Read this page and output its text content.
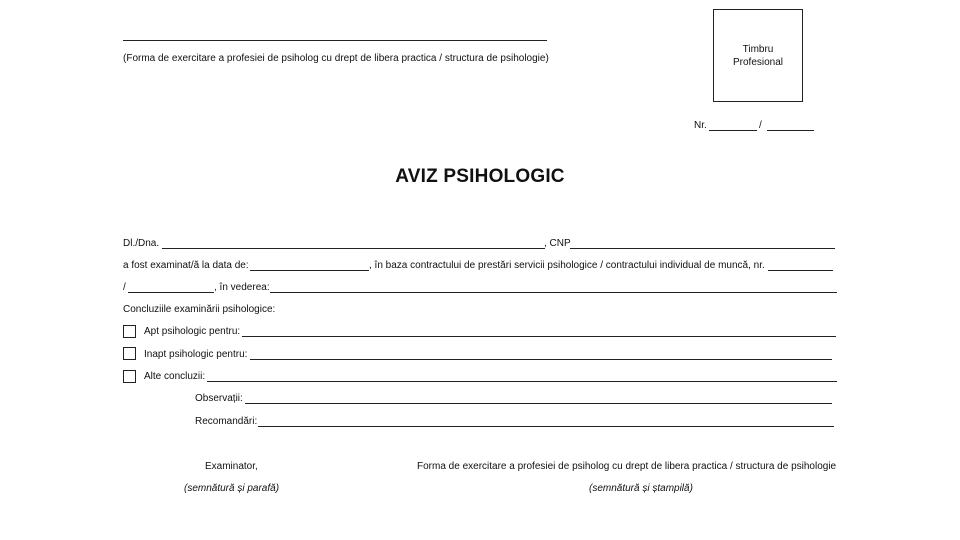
(Forma de exercitare a profesiei de psiholog cu drept de libera practica / structura de psihologie)
Timbru
Profesional
Nr.	/
AVIZ PSIHOLOGIC
Dl./Dna.	, CNP
a fost examinat/ă la data de:	, în baza contractului de prestări servicii psihologice / contractului individual de muncă, nr.
/	, în vederea:
Concluziile examinării psihologice:
Apt psihologic pentru:
Inapt psihologic pentru:
Alte concluzii:
Observații:
Recomandări:
Examinator,
(semnătură și parafă)
Forma de exercitare a profesiei de psiholog cu drept de libera practica / structura de psihologie
(semnătură și ștampilă)
